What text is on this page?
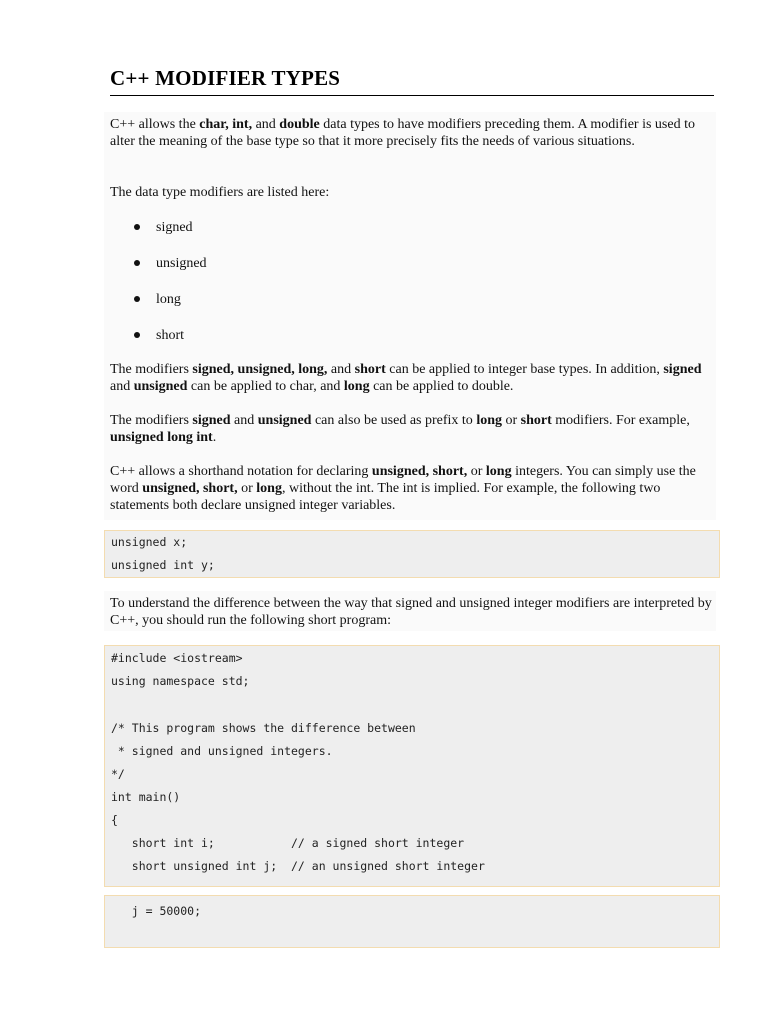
C++ MODIFIER TYPES

C++ allows the char, int, and double data types to have modifiers preceding them. A modifier is used to alter the meaning of the base type so that it more precisely fits the needs of various situations.

The data type modifiers are listed here:

signed
unsigned
long
short

The modifiers signed, unsigned, long, and short can be applied to integer base types. In addition, signed and unsigned can be applied to char, and long can be applied to double.

The modifiers signed and unsigned can also be used as prefix to long or short modifiers. For example, unsigned long int.

C++ allows a shorthand notation for declaring unsigned, short, or long integers. You can simply use the word unsigned, short, or long, without the int. The int is implied. For example, the following two statements both declare unsigned integer variables.

unsigned x;
unsigned int y;

To understand the difference between the way that signed and unsigned integer modifiers are interpreted by C++, you should run the following short program:

#include <iostream>
using namespace std;
/* This program shows the difference between
* signed and unsigned integers.
*/
int main()
{
short int i;           // a signed short integer
short unsigned int j;  // an unsigned short integer
j = 50000;
